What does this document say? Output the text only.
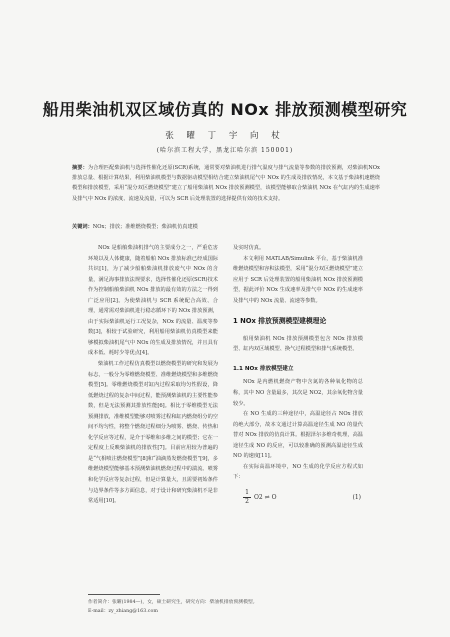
船用柴油机双区域仿真的 NOx 排放预测模型研究
张 曜 丁 宇 向 杖
(哈尔滨工程大学，黑龙江哈尔滨 150001)
摘要：为合理匹配柴油机与选择性催化还原(SCR)系统，通常要对柴油机进行排气温度与排气流量等参数的排放预测，对柴油机NOx 排放总量、根据计算结果，利用柴油机模型与数据驱动模型相结合建立柴油机尾气中 NOx 的生成及排放情况，本文基于柴油机速燃烧模型和排放模型，采用“混分双区燃烧模型”建立了船用柴油机 NOx 排放预测模型，该模型能够取合柴油机 NOx 在气缸内的生成速率及排气中 NOx 的浓度、流速及流量，可以为 SCR 后处理装置的选择提供有效的技术支持。
关键词：NOx；排放；准维燃烧模型；柴油机仿真建模

NOx 是船舶柴油机排气的主要成分之一，严重危害环境以及人体健康，随着船舶 NOx 排放标准已经成国际共识[1]，为了减少船舶柴油机排放废气中 NOx 的含量，满足海事排放法规要求，选择性催化还原(SCR)技术作为控制船舶柴油机 NOx 排放的最有效的方法之一得到广泛应用[2]。为使柴油机与 SCR 系统配合高效、合理，通常需对柴油机进行稳态循环下的 NOx 排放预测，由于实际柴油机运行工况复杂，NOx 的流量、温度等参数[3]，相较于试验研究，利用船用柴油机仿真模型来能够模拟柴油机尾气中 NOx 的生成及排放情况，并且具有成本低、耗时少等优点[4]。

柴油机工作过程仿真模型以燃烧模型的研究和发展为标志，一般分为零维燃烧模型、准维燃烧模型和多维燃烧模型[5]。零维燃烧模型对缸内过程采取均匀性假设，降低燃烧过程的复杂中间过程，能预测柴油机的主要性能参数，但是无法预测其排放性能[6]。相比于零维模型无法预测排放，准维模型能够对喷雾过程和缸内燃烧组分的空间不均匀性，将整个燃烧过程细分为喷雾、燃烧、传热和化学反应等过程，是介于零维和多维之间的模型；它在一定程度上反映柴油机的排放性[7]。目前应用较为普遍的是“气相喷注燃烧模型”[8]和“油滴蒸发燃烧模型”[9]，多维燃烧模型能够基本预测柴油机燃烧过程中的湍流、喷雾和化学反应等复杂过程，但是计算量大，且需要初始条件与边界条件等多方面信息，对于设计和研究柴油机不是非常适用[10]。

及实时仿真。

本文利用 MATLAB/Simulink 平台，基于柴油机准维燃烧模型和容积法模型，采用“混分双区燃烧模型”建立应用于 SCR 后处理装置的船用柴油机 NOx 排放预测模型，据此评价 NOx 生成速率及排气中 NOx 的生成速率及排气中的 NOx 流量、流速等参数。

1 NOx 排放预测模型建模理论

船用柴油机 NOx 排放预测模型包含 NOx 排放模型、缸内双区域模型、换气过程模型和排气系统模型。

1.1 NOx 排放模型建立

NOx 是内燃机燃烧产物中含氮的各种氧化物的总称，其中 NO 含量最多，其次是 NO2，其余氧化物含量较少。

在 NO 生成的三种途径中，高温途径占 NOx 排放的绝大部分，故本文通过计算高温途径生成 NO 的量代替对 NOx 排放的仿真计算。根据泽尔多维奇机理，高温途径生成 NO 的反应，可以较准确的预测高温途径生成 NO 的速度[11]。

在实际高温环境中，NO 生成的化学反应方程式如下：

$\frac{1}{2} O2$ ⇌ O	(1)
作者简介：张曜(1984—)，女，硕士研究生，研究方向：柴油机排放预测模型。
E-mail：zy_zhiang@163.com
